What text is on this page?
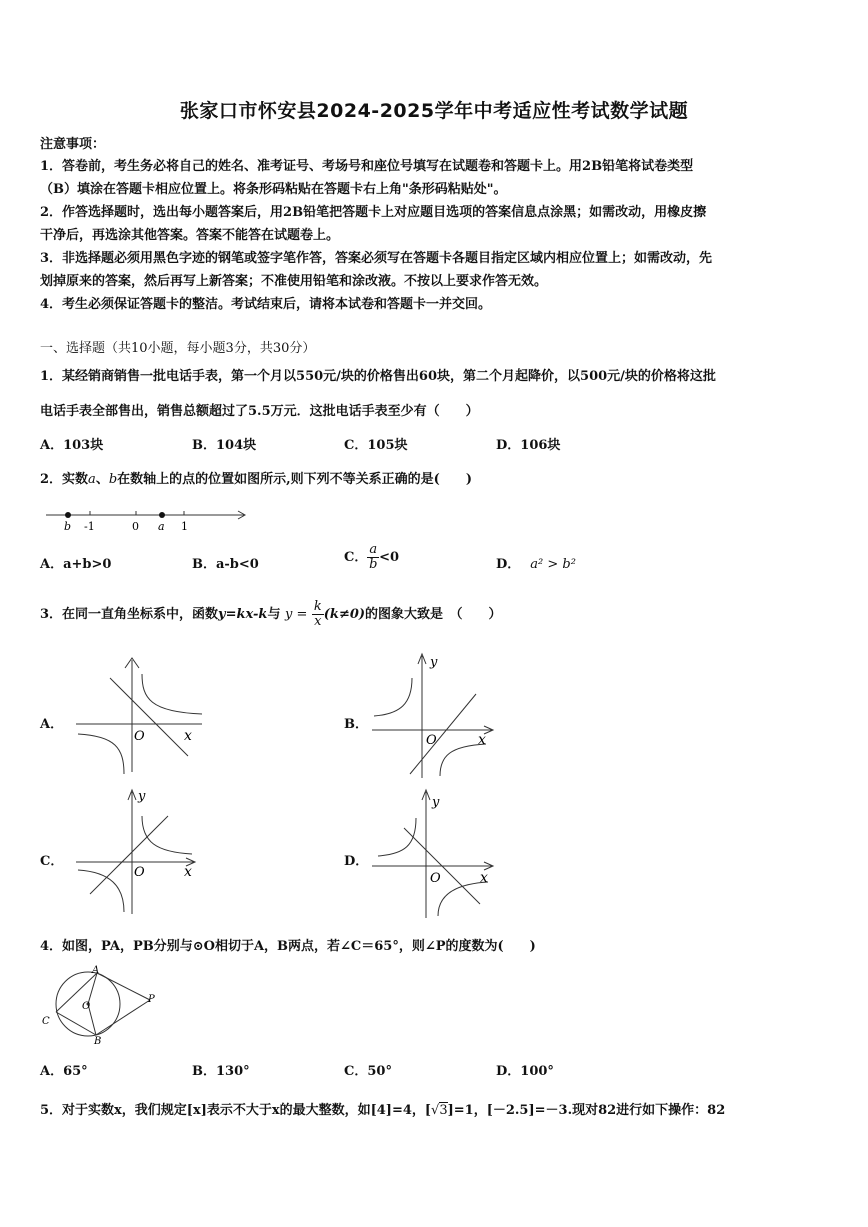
张家口市怀安县2024-2025学年中考适应性考试数学试题
注意事项：
1．答卷前，考生务必将自己的姓名、准考证号、考场号和座位号填写在试题卷和答题卡上。用2B铅笔将试卷类型
（B）填涂在答题卡相应位置上。将条形码粘贴在答题卡右上角"条形码粘贴处"。
2．作答选择题时，选出每小题答案后，用2B铅笔把答题卡上对应题目选项的答案信息点涂黑；如需改动，用橡皮擦
干净后，再选涂其他答案。答案不能答在试题卷上。
3．非选择题必须用黑色字迹的钢笔或签字笔作答，答案必须写在答题卡各题目指定区域内相应位置上；如需改动，先
划掉原来的答案，然后再写上新答案；不准使用铅笔和涂改液。不按以上要求作答无效。
4．考生必须保证答题卡的整洁。考试结束后，请将本试卷和答题卡一并交回。
一、选择题（共10小题，每小题3分，共30分）
1．某经销商销售一批电话手表，第一个月以550元/块的价格售出60块，第二个月起降价，以500元/块的价格将这批
电话手表全部售出，销售总额超过了5.5万元．这批电话手表至少有（　　）
A．103块	B．104块	C．105块	D．106块
2．实数a、b在数轴上的点的位置如图所示,则下列不等关系正确的是(　　)
b -1	0 a 1
A．a+b>0	B．a-b<0	C． $\frac{a}{b} <0$	D． a² > b²
3．在同一直角坐标系中，函数y=kx-k与 $y = \frac{k}{x} (k\ne 0)$的图象大致是　（　　）
A．
O	x
B．
O	x
y
C．
O	x
y
D．
O	x
y
4．如图，PA，PB分别与⊙O相切于A，B两点，若∠C＝65°，则∠P的度数为(　　)
A
O
C
B
P
A．65°	B．130°	C．50°	D．100°
5．对于实数x，我们规定[x]表示不大于x的最大整数，如[4]=4，[√3]=1，[－2.5]=－3.现对82进行如下操作：82
